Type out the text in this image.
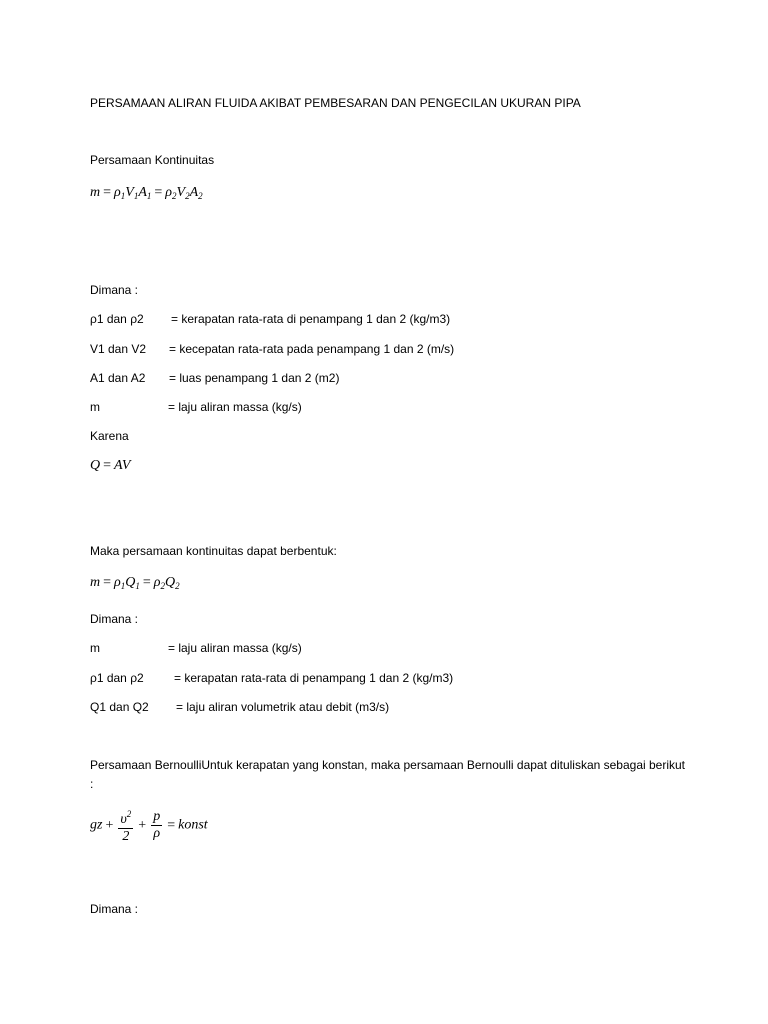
PERSAMAAN ALIRAN FLUIDA AKIBAT PEMBESARAN DAN PENGECILAN UKURAN PIPA
Persamaan Kontinuitas
$m = \rho_1V_1A_1 = \rho_2V_2A_2$
Dimana :
ρ1 dan ρ2 = kerapatan rata-rata di penampang 1 dan 2 (kg/m3)
V1 dan V2 = kecepatan rata-rata pada penampang 1 dan 2 (m/s)
A1 dan A2 = luas penampang 1 dan 2 (m2)
m	= laju aliran massa (kg/s)
Karena
Q = AV
Maka persamaan kontinuitas dapat berbentuk:
$m = \rho_1Q_1 = \rho_2Q_2$
Dimana :
m	= laju aliran massa (kg/s)
ρ1 dan ρ2	= kerapatan rata-rata di penampang 1 dan 2 (kg/m3)
Q1 dan Q2 = laju aliran volumetrik atau debit (m3/s)
Persamaan BernoulliUntuk kerapatan yang konstan, maka persamaan Bernoulli dapat dituliskan sebagai berikut :
gz + $\frac{\upsilon^2}{2} + \frac{p}{\rho}$ = konst
Dimana :
